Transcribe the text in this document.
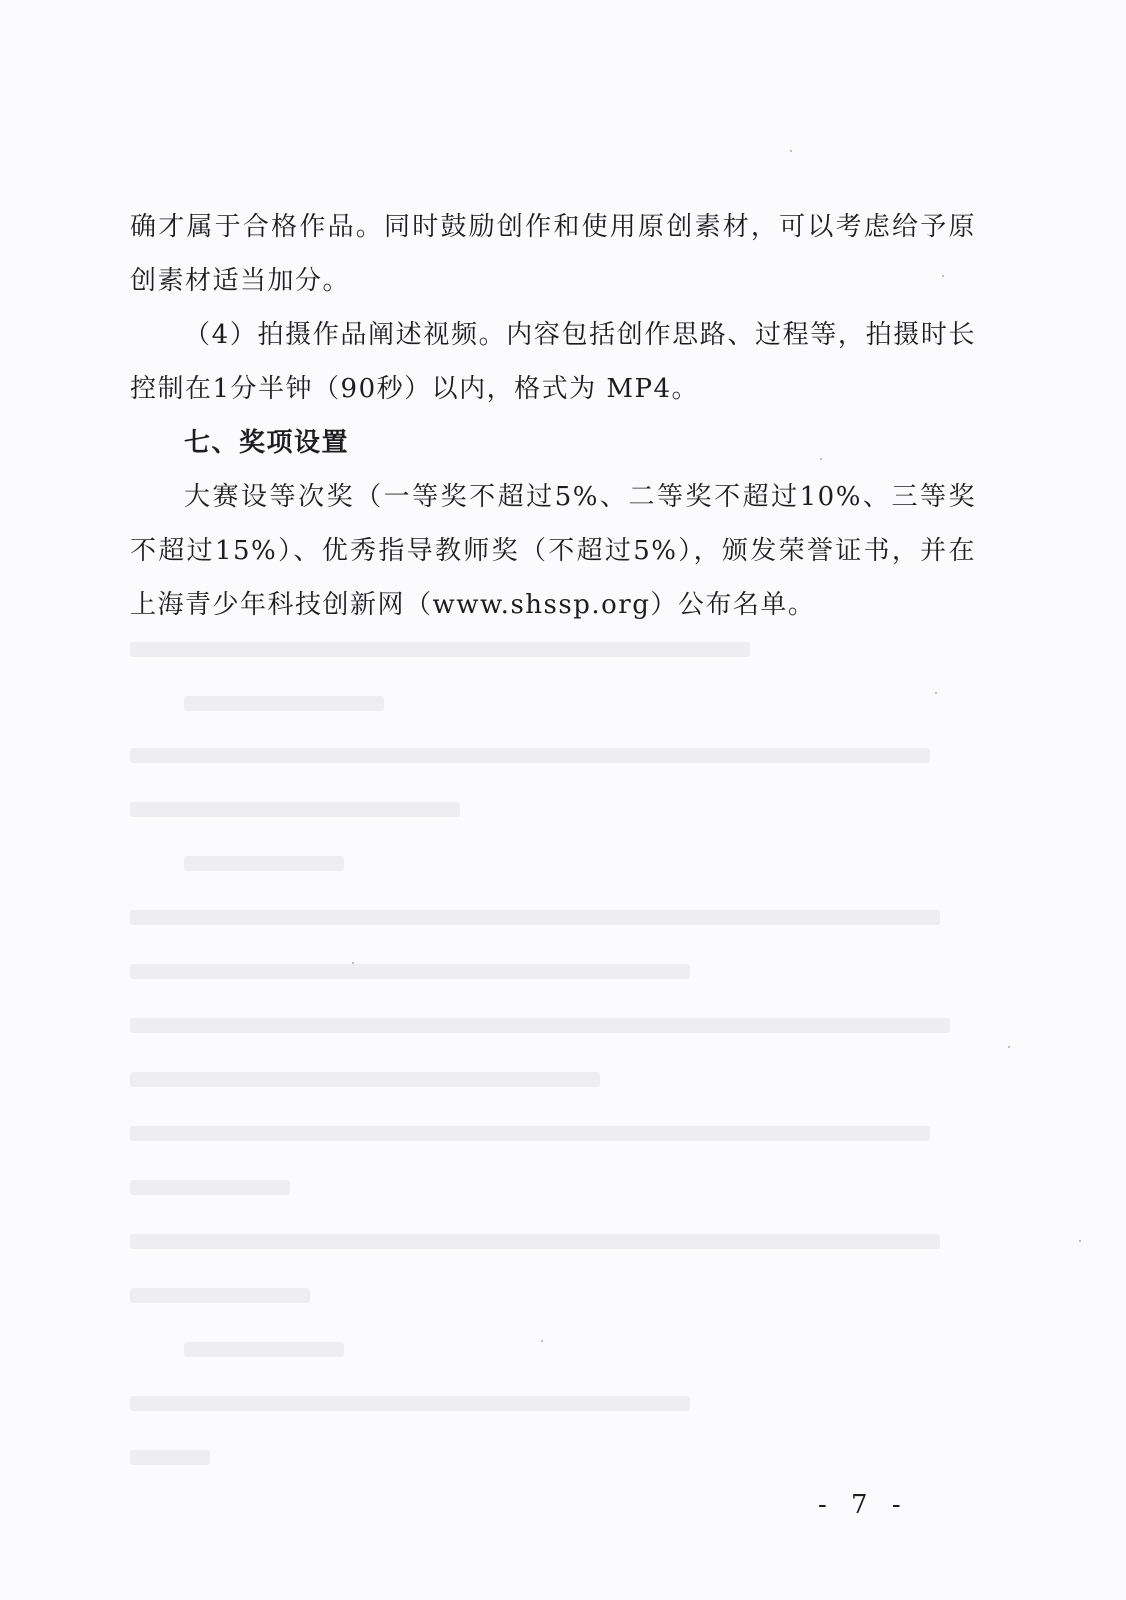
确才属于合格作品。同时鼓励创作和使用原创素材，可以考虑给予原创素材适当加分。

（4）拍摄作品阐述视频。内容包括创作思路、过程等，拍摄时长控制在1分半钟（90秒）以内，格式为 MP4。

七、奖项设置

大赛设等次奖（一等奖不超过5%、二等奖不超过10%、三等奖不超过15%）、优秀指导教师奖（不超过5%），颁发荣誉证书，并在上海青少年科技创新网（www.shssp.org）公布名单。

- 7 -
